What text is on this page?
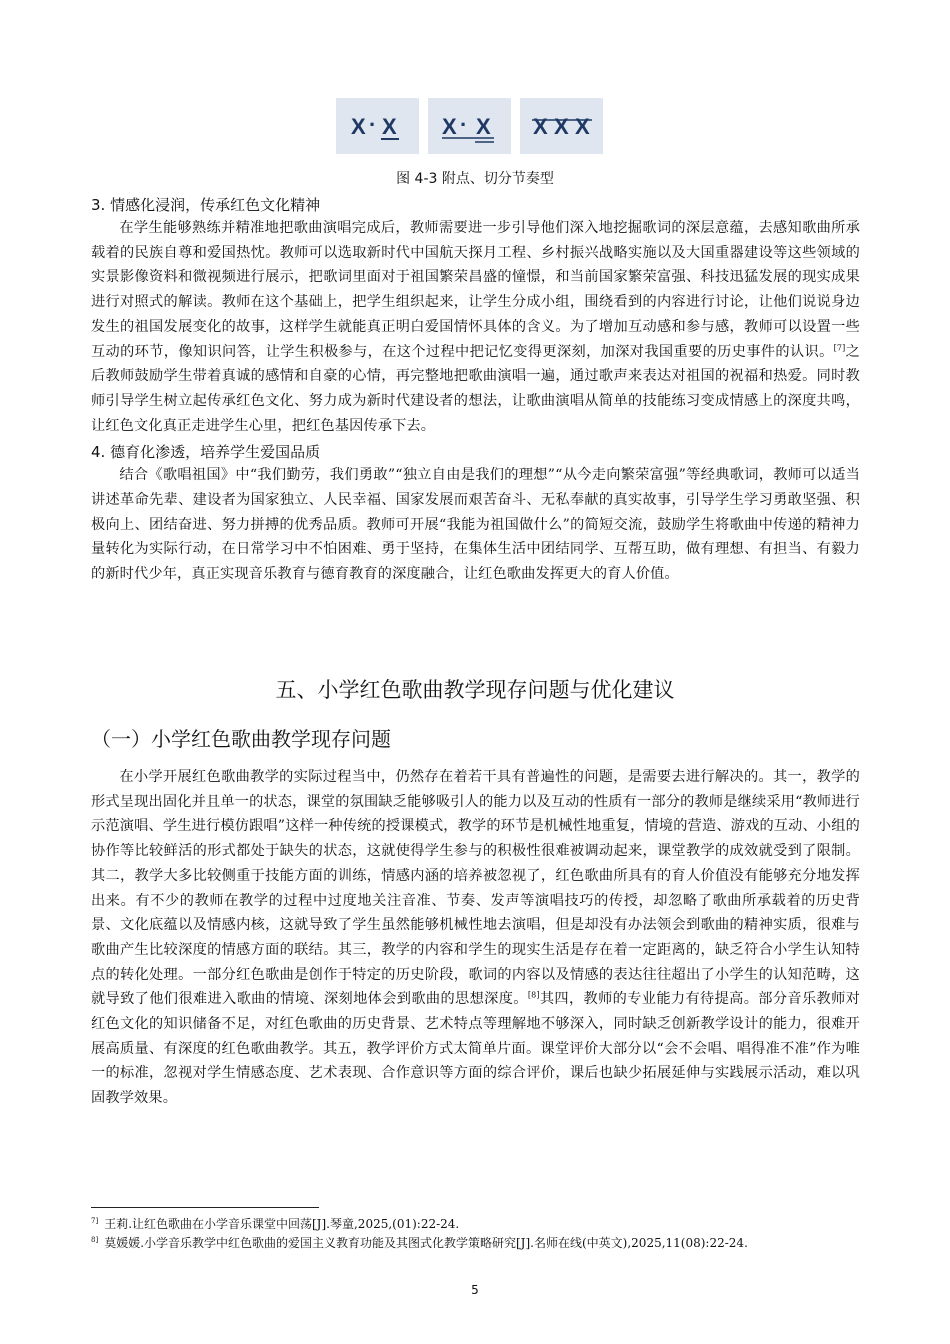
X · X X · X X X X
图 4-3 附点、切分节奏型
3. 情感化浸润，传承红色文化精神

在学生能够熟练并精准地把歌曲演唱完成后，教师需要进一步引导他们深入地挖掘歌词的深层意蕴，去感知歌曲所承载着的民族自尊和爱国热忱。教师可以选取新时代中国航天探月工程、乡村振兴战略实施以及大国重器建设等这些领域的实景影像资料和微视频进行展示，把歌词里面对于祖国繁荣昌盛的憧憬，和当前国家繁荣富强、科技迅猛发展的现实成果进行对照式的解读。教师在这个基础上，把学生组织起来，让学生分成小组，围绕看到的内容进行讨论，让他们说说身边发生的祖国发展变化的故事，这样学生就能真正明白爱国情怀具体的含义。为了增加互动感和参与感，教师可以设置一些互动的环节，像知识问答，让学生积极参与，在这个过程中把记忆变得更深刻，加深对我国重要的历史事件的认识。[7]之后教师鼓励学生带着真诚的感情和自豪的心情，再完整地把歌曲演唱一遍，通过歌声来表达对祖国的祝福和热爱。同时教师引导学生树立起传承红色文化、努力成为新时代建设者的想法，让歌曲演唱从简单的技能练习变成情感上的深度共鸣，让红色文化真正走进学生心里，把红色基因传承下去。

4. 德育化渗透，培养学生爱国品质

结合《歌唱祖国》中“我们勤劳，我们勇敢”“独立自由是我们的理想”“从今走向繁荣富强”等经典歌词，教师可以适当讲述革命先辈、建设者为国家独立、人民幸福、国家发展而艰苦奋斗、无私奉献的真实故事，引导学生学习勇敢坚强、积极向上、团结奋进、努力拼搏的优秀品质。教师可开展“我能为祖国做什么”的简短交流，鼓励学生将歌曲中传递的精神力量转化为实际行动，在日常学习中不怕困难、勇于坚持，在集体生活中团结同学、互帮互助，做有理想、有担当、有毅力的新时代少年，真正实现音乐教育与德育教育的深度融合，让红色歌曲发挥更大的育人价值。

五、小学红色歌曲教学现存问题与优化建议
（一）小学红色歌曲教学现存问题

在小学开展红色歌曲教学的实际过程当中，仍然存在着若干具有普遍性的问题，是需要去进行解决的。其一，教学的形式呈现出固化并且单一的状态，课堂的氛围缺乏能够吸引人的能力以及互动的性质有一部分的教师是继续采用“教师进行示范演唱、学生进行模仿跟唱”这样一种传统的授课模式，教学的环节是机械性地重复，情境的营造、游戏的互动、小组的协作等比较鲜活的形式都处于缺失的状态，这就使得学生参与的积极性很难被调动起来，课堂教学的成效就受到了限制。其二，教学大多比较侧重于技能方面的训练，情感内涵的培养被忽视了，红色歌曲所具有的育人价值没有能够充分地发挥出来。有不少的教师在教学的过程中过度地关注音准、节奏、发声等演唱技巧的传授，却忽略了歌曲所承载着的历史背景、文化底蕴以及情感内核，这就导致了学生虽然能够机械性地去演唱，但是却没有办法领会到歌曲的精神实质，很难与歌曲产生比较深度的情感方面的联结。其三，教学的内容和学生的现实生活是存在着一定距离的，缺乏符合小学生认知特点的转化处理。一部分红色歌曲是创作于特定的历史阶段，歌词的内容以及情感的表达往往超出了小学生的认知范畴，这就导致了他们很难进入歌曲的情境、深刻地体会到歌曲的思想深度。[8]其四，教师的专业能力有待提高。部分音乐教师对红色文化的知识储备不足，对红色歌曲的历史背景、艺术特点等理解地不够深入，同时缺乏创新教学设计的能力，很难开展高质量、有深度的红色歌曲教学。其五，教学评价方式太简单片面。课堂评价大部分以“会不会唱、唱得准不准”作为唯一的标准，忽视对学生情感态度、艺术表现、合作意识等方面的综合评价，课后也缺少拓展延伸与实践展示活动，难以巩固教学效果。

$^{7]}$ 王莉.让红色歌曲在小学音乐课堂中回荡[J].琴童,2025,(01):22-24.
$^{8]}$ 莫媛媛.小学音乐教学中红色歌曲的爱国主义教育功能及其图式化教学策略研究[J].名师在线(中英文),2025,11(08):22-24.
5
